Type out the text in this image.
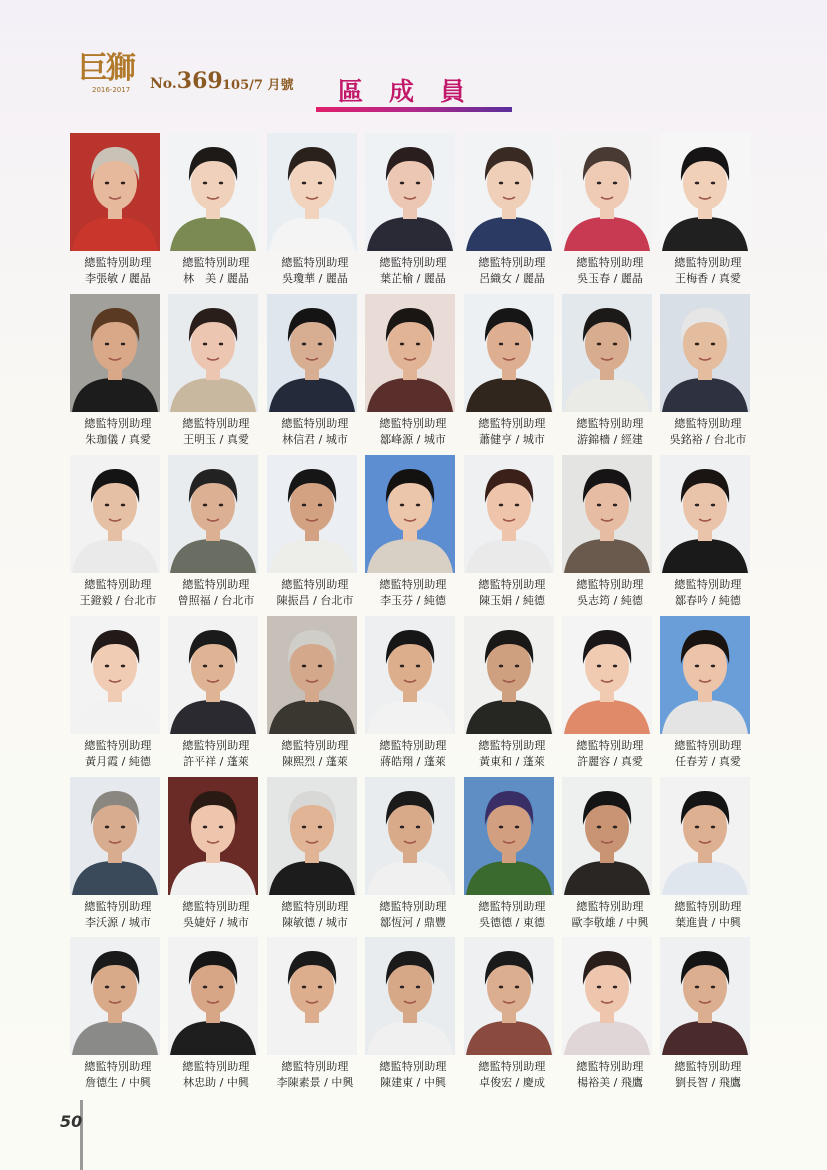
巨獅
2016-2017 No.369 105/7 月號 區成員
總監特別助理
李張敏 / 麗晶
總監特別助理
林　美 / 麗晶
總監特別助理
吳瓊華 / 麗晶
總監特別助理
葉芷榆 / 麗晶
總監特別助理
呂織女 / 麗晶
總監特別助理
吳玉春 / 麗晶
總監特別助理
王梅香 / 真愛
總監特別助理
朱珈儀 / 真愛
總監特別助理
王明玉 / 真愛
總監特別助理
林信君 / 城市
總監特別助理
鄒峰源 / 城市
總監特別助理
蕭健亨 / 城市
總監特別助理
游錦檣 / 經建
總監特別助理
吳銘裕 / 台北市
總監特別助理
王鐙毅 / 台北市
總監特別助理
曾照福 / 台北市
總監特別助理
陳振昌 / 台北市
總監特別助理
李玉芬 / 純德
總監特別助理
陳玉娟 / 純德
總監特別助理
吳志筠 / 純德
總監特別助理
鄒春吟 / 純德
總監特別助理
黃月霞 / 純德
總監特別助理
許平祥 / 蓬萊
總監特別助理
陳熙烈 / 蓬萊
總監特別助理
蔣皓翔 / 蓬萊
總監特別助理
黃東和 / 蓬萊
總監特別助理
許麗容 / 真愛
總監特別助理
任春芳 / 真愛
總監特別助理
李沃源 / 城市
總監特別助理
吳婕妤 / 城市
總監特別助理
陳敏德 / 城市
總監特別助理
鄒恆河 / 鼎豐
總監特別助理
吳德德 / 東德
總監特別助理
歐李敬雄 / 中興
總監特別助理
葉進貴 / 中興
總監特別助理
詹德生 / 中興
總監特別助理
林忠助 / 中興
總監特別助理
李陳素景 / 中興
總監特別助理
陳建東 / 中興
總監特別助理
卓俊宏 / 慶成
總監特別助理
楊裕美 / 飛鷹
總監特別助理
劉長智 / 飛鷹
50
